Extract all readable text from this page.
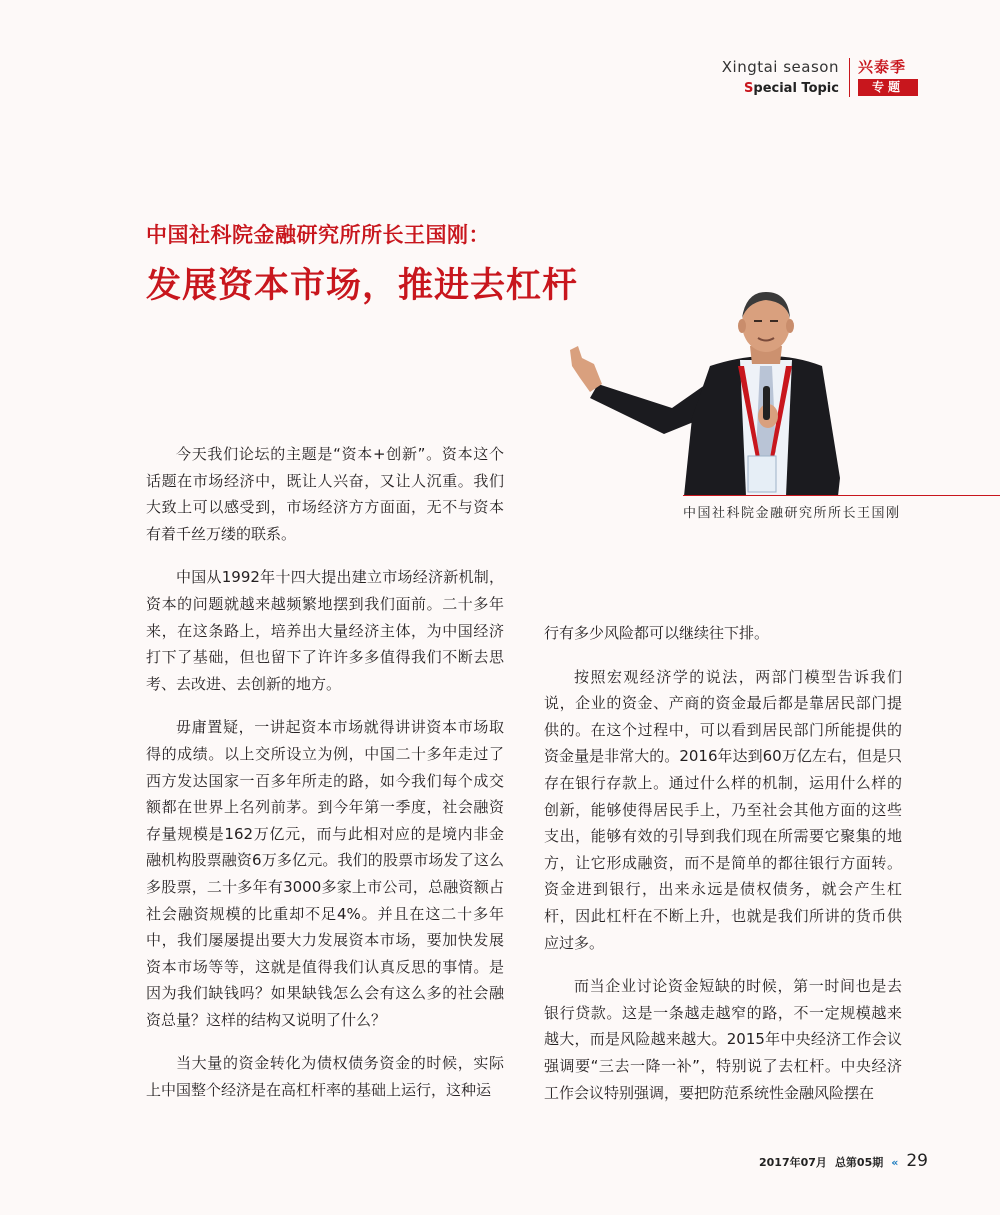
Xingtai season
Special Topic
兴泰季
专题
中国社科院金融研究所所长王国刚：
发展资本市场，推进去杠杆
中国社科院金融研究所所长王国刚

今天我们论坛的主题是“资本+创新”。资本这个话题在市场经济中，既让人兴奋，又让人沉重。我们大致上可以感受到，市场经济方方面面，无不与资本有着千丝万缕的联系。

中国从1992年十四大提出建立市场经济新机制，资本的问题就越来越频繁地摆到我们面前。二十多年来，在这条路上，培养出大量经济主体，为中国经济打下了基础，但也留下了许许多多值得我们不断去思考、去改进、去创新的地方。

毋庸置疑，一讲起资本市场就得讲讲资本市场取得的成绩。以上交所设立为例，中国二十多年走过了西方发达国家一百多年所走的路，如今我们每个成交额都在世界上名列前茅。到今年第一季度，社会融资存量规模是162万亿元，而与此相对应的是境内非金融机构股票融资6万多亿元。我们的股票市场发了这么多股票，二十多年有3000多家上市公司，总融资额占社会融资规模的比重却不足4%。并且在这二十多年中，我们屡屡提出要大力发展资本市场，要加快发展资本市场等等，这就是值得我们认真反思的事情。是因为我们缺钱吗？如果缺钱怎么会有这么多的社会融资总量？这样的结构又说明了什么？

当大量的资金转化为债权债务资金的时候，实际上中国整个经济是在高杠杆率的基础上运行，这种运

行有多少风险都可以继续往下排。

按照宏观经济学的说法，两部门模型告诉我们说，企业的资金、产商的资金最后都是靠居民部门提供的。在这个过程中，可以看到居民部门所能提供的资金量是非常大的。2016年达到60万亿左右，但是只存在银行存款上。通过什么样的机制，运用什么样的创新，能够使得居民手上，乃至社会其他方面的这些支出，能够有效的引导到我们现在所需要它聚集的地方，让它形成融资，而不是简单的都往银行方面转。资金进到银行，出来永远是债权债务，就会产生杠杆，因此杠杆在不断上升，也就是我们所讲的货币供应过多。

而当企业讨论资金短缺的时候，第一时间也是去银行贷款。这是一条越走越窄的路，不一定规模越来越大，而是风险越来越大。2015年中央经济工作会议强调要“三去一降一补”，特别说了去杠杆。中央经济工作会议特别强调，要把防范系统性金融风险摆在

2017年07月 总第05期 « 29
